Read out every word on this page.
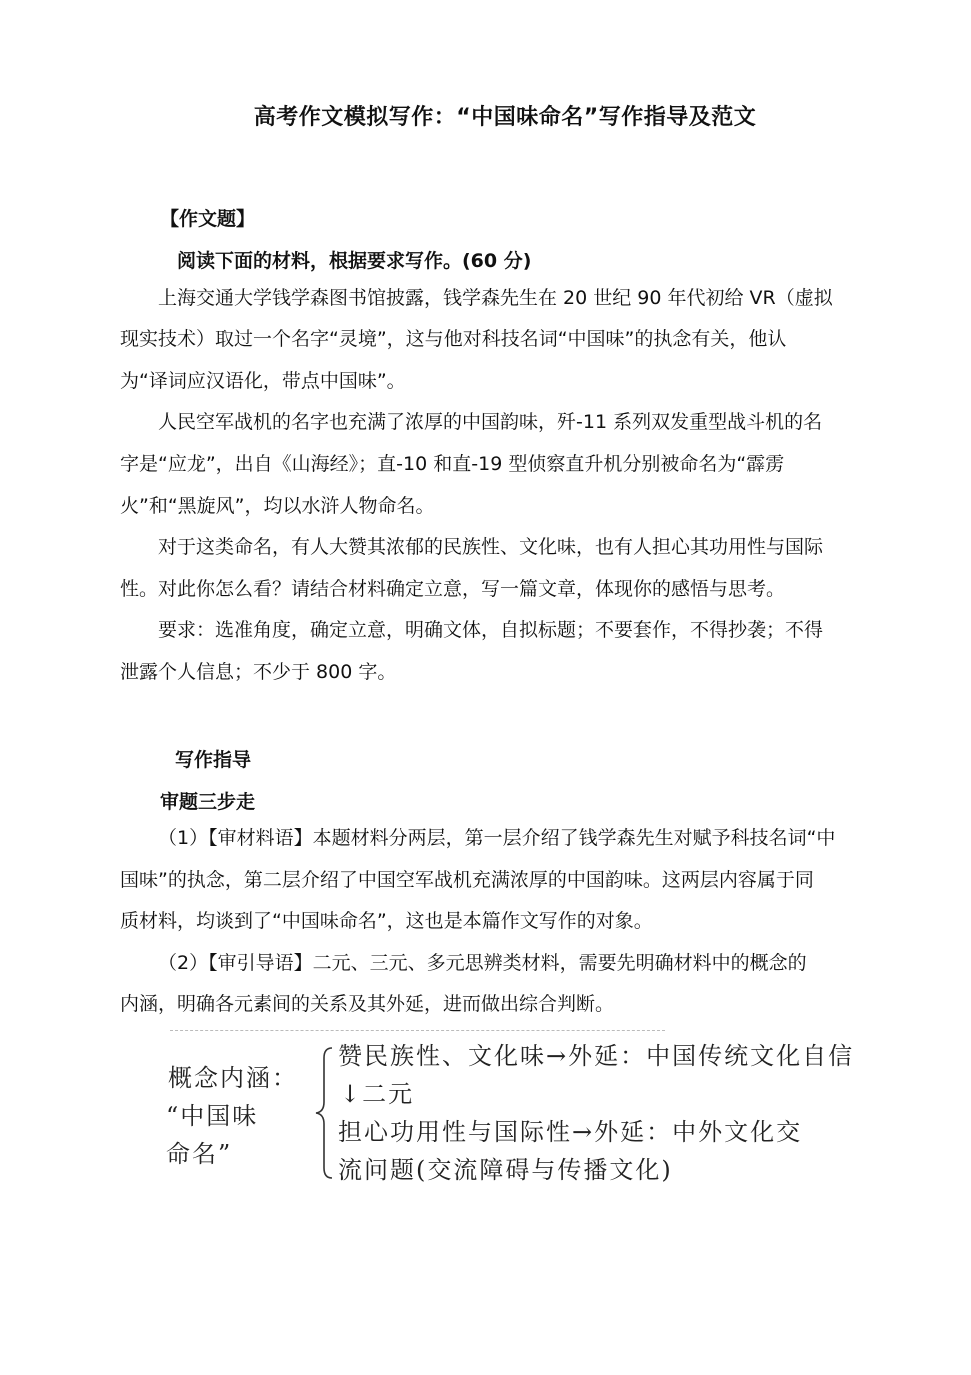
高考作文模拟写作：“中国味命名”写作指导及范文
【作文题】
阅读下面的材料，根据要求写作。(60 分)
上海交通大学钱学森图书馆披露，钱学森先生在 20 世纪 90 年代初给 VR（虚拟
现实技术）取过一个名字“灵境”，这与他对科技名词“中国味”的执念有关，他认
为“译词应汉语化，带点中国味”。
人民空军战机的名字也充满了浓厚的中国韵味，歼-11 系列双发重型战斗机的名
字是“应龙”，出自《山海经》；直-10 和直-19 型侦察直升机分别被命名为“霹雳
火”和“黑旋风”，均以水浒人物命名。
对于这类命名，有人大赞其浓郁的民族性、文化味，也有人担心其功用性与国际
性。对此你怎么看？请结合材料确定立意，写一篇文章，体现你的感悟与思考。
要求：选准角度，确定立意，明确文体，自拟标题；不要套作，不得抄袭；不得
泄露个人信息；不少于 800 字。
写作指导
审题三步走
（1）【审材料语】本题材料分两层，第一层介绍了钱学森先生对赋予科技名词“中
国味”的执念，第二层介绍了中国空军战机充满浓厚的中国韵味。这两层内容属于同
质材料，均谈到了“中国味命名”，这也是本篇作文写作的对象。
（2）【审引导语】二元、三元、多元思辨类材料，需要先明确材料中的概念的
内涵，明确各元素间的关系及其外延，进而做出综合判断。
概念内涵：
“中国味
命名”
赞民族性、文化味→外延：中国传统文化自信
↓二元
担心功用性与国际性→外延：中外文化交
流问题(交流障碍与传播文化)
